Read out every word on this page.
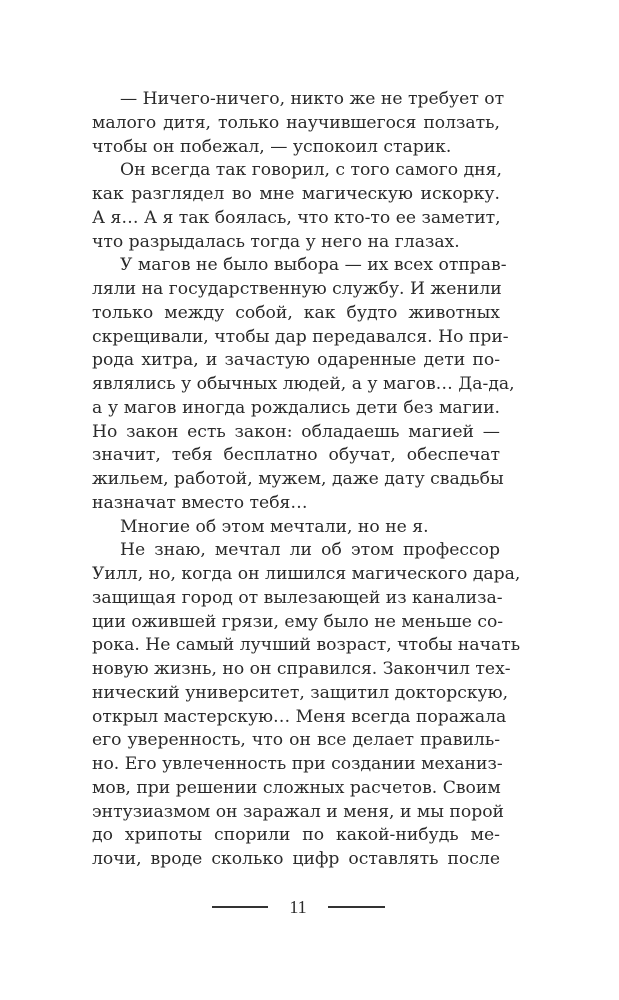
— Ничего-ничего, никто же не требует от
малого дитя, только научившегося ползать,
чтобы он побежал, — успокоил старик.
Он всегда так говорил, с того самого дня,
как разглядел во мне магическую искорку.
А я… А я так боялась, что кто-то ее заметит,
что разрыдалась тогда у него на глазах.
У магов не было выбора — их всех отправ-
ляли на государственную службу. И женили
только между собой, как будто животных
скрещивали, чтобы дар передавался. Но при-
рода хитра, и зачастую одаренные дети по-
являлись у обычных людей, а у магов… Да-да,
а у магов иногда рождались дети без магии.
Но закон есть закон: обладаешь магией —
значит, тебя бесплатно обучат, обеспечат
жильем, работой, мужем, даже дату свадьбы
назначат вместо тебя…
Многие об этом мечтали, но не я.
Не знаю, мечтал ли об этом профессор
Уилл, но, когда он лишился магического дара,
защищая город от вылезающей из канализа-
ции ожившей грязи, ему было не меньше со-
рока. Не самый лучший возраст, чтобы начать
новую жизнь, но он справился. Закончил тех-
нический университет, защитил докторскую,
открыл мастерскую… Меня всегда поражала
его уверенность, что он все делает правиль-
но. Его увлеченность при создании механиз-
мов, при решении сложных расчетов. Своим
энтузиазмом он заражал и меня, и мы порой
до хрипоты спорили по какой-нибудь ме-
лочи, вроде сколько цифр оставлять после
11
